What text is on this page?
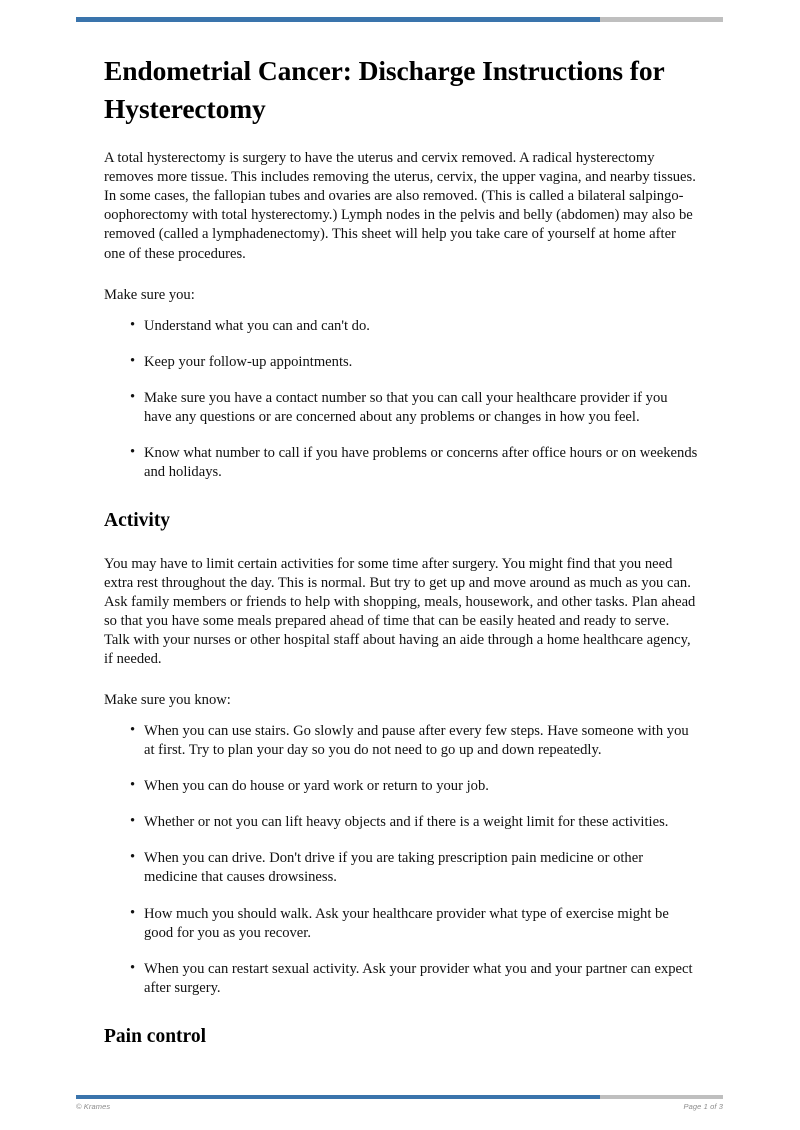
Endometrial Cancer: Discharge Instructions for Hysterectomy

A total hysterectomy is surgery to have the uterus and cervix removed. A radical hysterectomy removes more tissue. This includes removing the uterus, cervix, the upper vagina, and nearby tissues. In some cases, the fallopian tubes and ovaries are also removed. (This is called a bilateral salpingo-oophorectomy with total hysterectomy.) Lymph nodes in the pelvis and belly (abdomen) may also be removed (called a lymphadenectomy). This sheet will help you take care of yourself at home after one of these procedures.

Make sure you:

• Understand what you can and can't do.
• Keep your follow-up appointments.
• Make sure you have a contact number so that you can call your healthcare provider if you have any questions or are concerned about any problems or changes in how you feel.
• Know what number to call if you have problems or concerns after office hours or on weekends and holidays.
Activity

You may have to limit certain activities for some time after surgery. You might find that you need extra rest throughout the day. This is normal. But try to get up and move around as much as you can. Ask family members or friends to help with shopping, meals, housework, and other tasks. Plan ahead so that you have some meals prepared ahead of time that can be easily heated and ready to serve. Talk with your nurses or other hospital staff about having an aide through a home healthcare agency, if needed.

Make sure you know:

• When you can use stairs. Go slowly and pause after every few steps. Have someone with you at first. Try to plan your day so you do not need to go up and down repeatedly.
• When you can do house or yard work or return to your job.
• Whether or not you can lift heavy objects and if there is a weight limit for these activities.
• When you can drive. Don't drive if you are taking prescription pain medicine or other medicine that causes drowsiness.
• How much you should walk. Ask your healthcare provider what type of exercise might be good for you as you recover.
• When you can restart sexual activity. Ask your provider what you and your partner can expect after surgery.
Pain control
© Krames	Page 1 of 3
